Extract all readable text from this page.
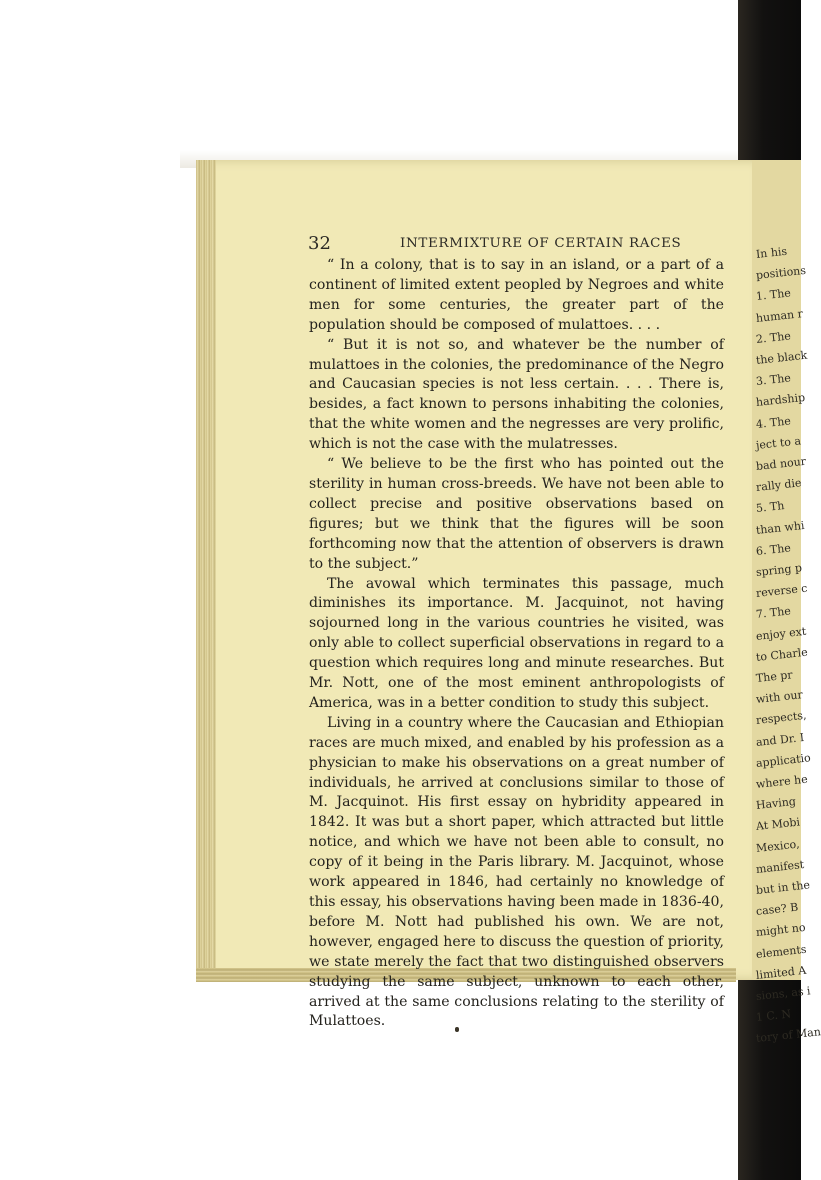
In his
positions
1. The
human r
2. The
the black
3. The
hardship
4. The
ject to a
bad nour
rally die
5. Th
than whi
6. The
spring p
reverse c
7. The
enjoy ext
to Charle
The pr
with our
respects,
and Dr. I
applicatio
where he
Having
At Mobi
Mexico,
manifest
but in the
case? B
might no
elements
limited A
sions, as i
1 C. N
tory of Man
32	INTERMIXTURE OF CERTAIN RACES

“ In a colony, that is to say in an island, or a part of a continent of limited extent peopled by Negroes and white men for some centuries, the greater part of the population should be composed of mulattoes. . . .

“ But it is not so, and whatever be the number of mulattoes in the colonies, the predominance of the Negro and Caucasian species is not less certain. . . . There is, besides, a fact known to persons inhabiting the colonies, that the white women and the negresses are very prolific, which is not the case with the mulatresses.

“ We believe to be the first who has pointed out the sterility in human cross-breeds. We have not been able to collect precise and positive observations based on figures; but we think that the figures will be soon forthcoming now that the attention of observers is drawn to the subject.”

The avowal which terminates this passage, much diminishes its importance. M. Jacquinot, not having sojourned long in the various countries he visited, was only able to collect superficial observations in regard to a question which requires long and minute researches. But Mr. Nott, one of the most eminent anthropologists of America, was in a better condition to study this subject.

Living in a country where the Caucasian and Ethiopian races are much mixed, and enabled by his profession as a physician to make his observations on a great number of individuals, he arrived at conclusions similar to those of M. Jacquinot. His first essay on hybridity appeared in 1842. It was but a short paper, which attracted but little notice, and which we have not been able to consult, no copy of it being in the Paris library. M. Jacquinot, whose work appeared in 1846, had certainly no knowledge of this essay, his observations having been made in 1836-40, before M. Nott had published his own. We are not, however, engaged here to discuss the question of priority, we state merely the fact that two distinguished observers studying the same subject, unknown to each other, arrived at the same conclusions relating to the sterility of Mulattoes.
